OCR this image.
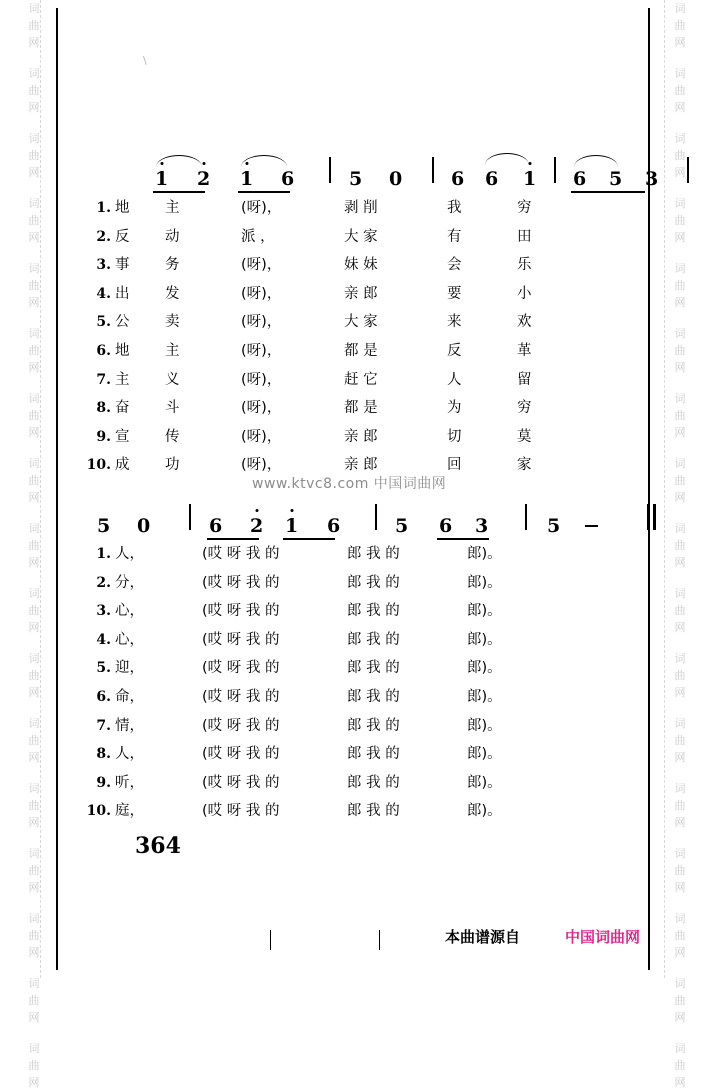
词
曲
网
词
曲
网
词
曲
网
词
曲
网
词
曲
网
词
曲
网
词
曲
网
词
曲
网
词
曲
网
词
曲
网
词
曲
网
词
曲
网
词
曲
网
词
曲
网
词
曲
网
词
曲
网
词
曲
网
词
曲
网
词
曲
网
词
曲
网
词
曲
网
词
曲
网
词
曲
网
词
曲
网
词
曲
网
词
曲
网
词
曲
网
词
曲
网
词
曲
网
词
曲
网
词
曲
网
词
曲
网
词
曲
网
词
曲
网
\
1 2 1 6	5 0	6 6 1 6 5 3
1. 地 主	(呀)，	剥 削	我	穷
2. 反 动	派 ，	大 家	有	田
3. 事 务	(呀)，	妹 妹	会	乐
4. 出 发	(呀)，	亲 郎	要	小
5. 公 卖	(呀)，	大 家	来	欢
6. 地 主	(呀)，	都 是	反	革
7. 主 义	(呀)，	赶 它	人	留
8. 奋 斗	(呀)，	都 是	为	穷
9. 宣 传	(呀)，	亲 郎	切	莫
10. 成 功	(呀)，	亲 郎	回	家
www.ktvc8.com 中国词曲网
5 0	6 2 1 6	5 6 3	5
1. 人，	(哎 呀 我 的	郎 我 的	郎)。
2. 分，	(哎 呀 我 的	郎 我 的	郎)。
3. 心，	(哎 呀 我 的	郎 我 的	郎)。
4. 心，	(哎 呀 我 的	郎 我 的	郎)。
5. 迎，	(哎 呀 我 的	郎 我 的	郎)。
6. 命，	(哎 呀 我 的	郎 我 的	郎)。
7. 情，	(哎 呀 我 的	郎 我 的	郎)。
8. 人，	(哎 呀 我 的	郎 我 的	郎)。
9. 听，	(哎 呀 我 的	郎 我 的	郎)。
10. 庭，	(哎 呀 我 的	郎 我 的	郎)。
364
本曲谱源自	中国词曲网
